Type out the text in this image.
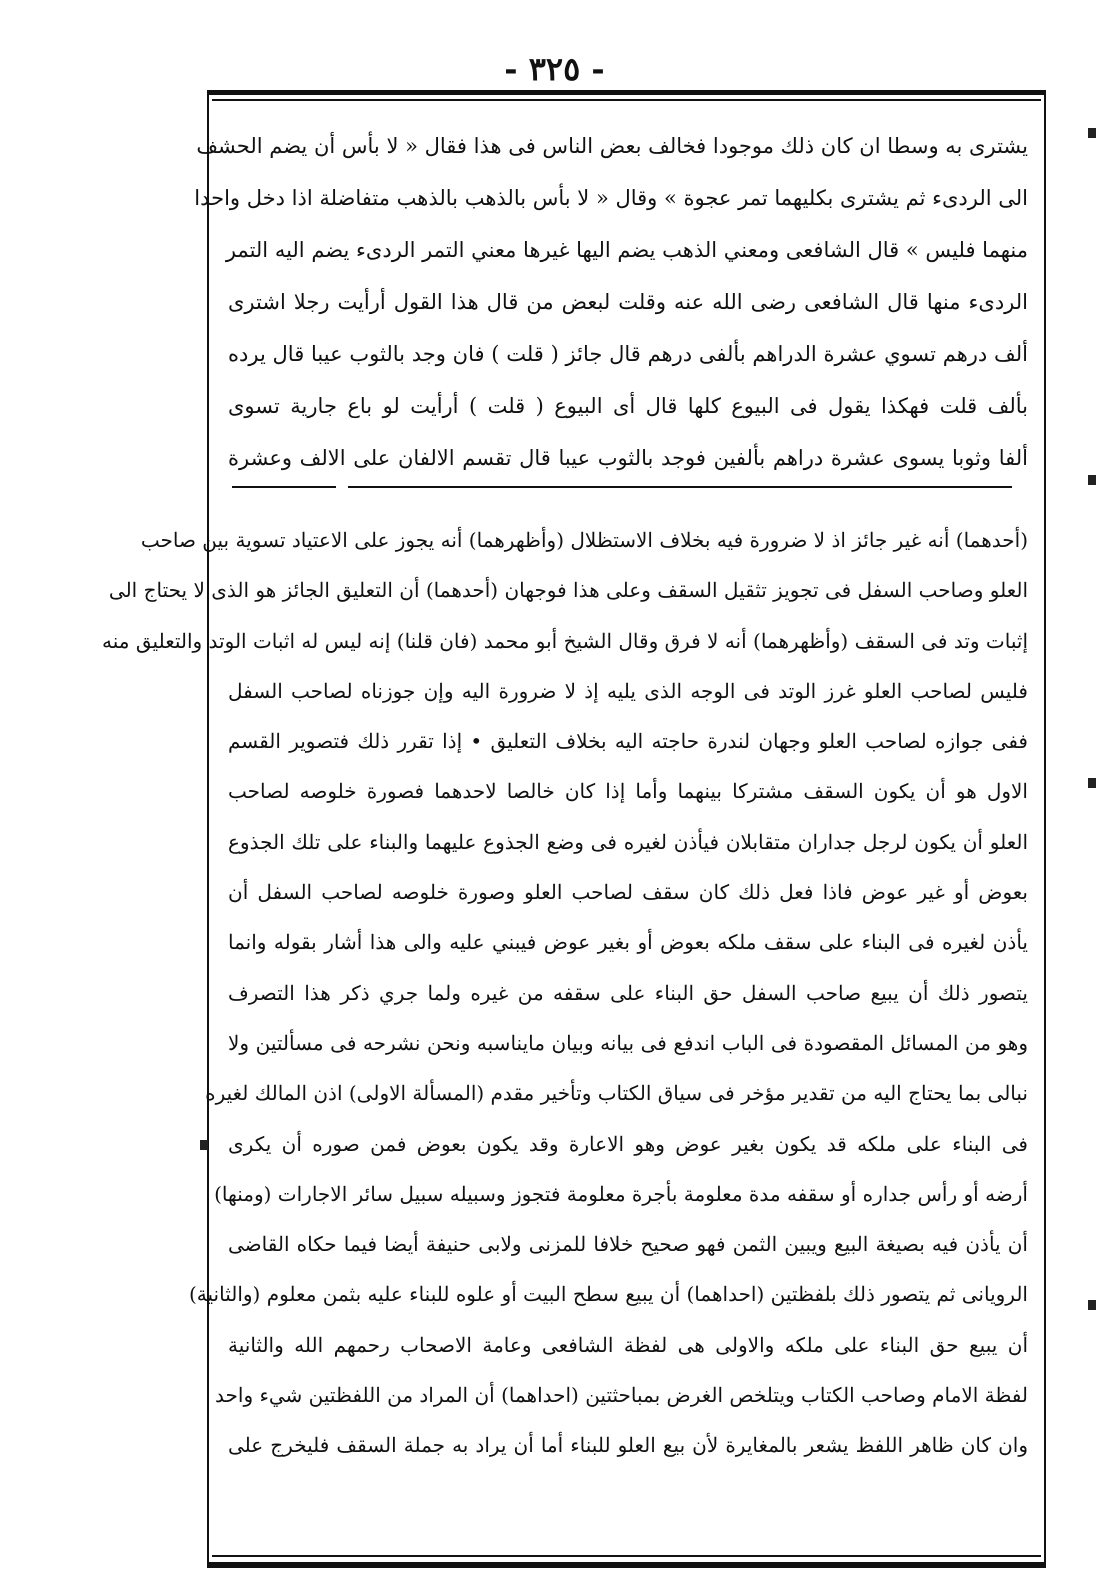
- ٣٢٥ -
يشترى به وسطا ان كان ذلك موجودا فخالف بعض الناس فى هذا فقال « لا بأس أن يضم الحشف
الى الردىء ثم يشترى بكليهما تمر عجوة » وقال « لا بأس بالذهب بالذهب متفاضلة اذا دخل واحدا
منهما فليس » قال الشافعى ومعني الذهب يضم اليها غيرها معني التمر الردىء يضم اليه التمر
الردىء منها قال الشافعى رضى الله عنه وقلت لبعض من قال هذا القول أرأيت رجلا اشترى
ألف درهم تسوي عشرة الدراهم بألفى درهم قال جائز ( قلت ) فان وجد بالثوب عيبا قال يرده
بألف قلت فهكذا يقول فى البيوع كلها قال أى البيوع ( قلت ) أرأيت لو باع جارية تسوى
ألفا وثوبا يسوى عشرة دراهم بألفين فوجد بالثوب عيبا قال تقسم الالفان على الالف وعشرة
(أحدهما) أنه غير جائز اذ لا ضرورة فيه بخلاف الاستظلال (وأظهرهما) أنه يجوز على الاعتياد تسوية بين صاحب
العلو وصاحب السفل فى تجويز تثقيل السقف وعلى هذا فوجهان (أحدهما) أن التعليق الجائز هو الذى لا يحتاج الى
إثبات وتد فى السقف (وأظهرهما) أنه لا فرق وقال الشيخ أبو محمد (فان قلنا) إنه ليس له اثبات الوتد والتعليق منه
فليس لصاحب العلو غرز الوتد فى الوجه الذى يليه إذ لا ضرورة اليه وإن جوزناه لصاحب السفل
ففى جوازه لصاحب العلو وجهان لندرة حاجته اليه بخلاف التعليق • إذا تقرر ذلك فتصوير القسم
الاول هو أن يكون السقف مشتركا بينهما وأما إذا كان خالصا لاحدهما فصورة خلوصه لصاحب
العلو أن يكون لرجل جداران متقابلان فيأذن لغيره فى وضع الجذوع عليهما والبناء على تلك الجذوع
بعوض أو غير عوض فاذا فعل ذلك كان سقف لصاحب العلو وصورة خلوصه لصاحب السفل أن
يأذن لغيره فى البناء على سقف ملكه بعوض أو بغير عوض فيبني عليه والى هذا أشار بقوله وانما
يتصور ذلك أن يبيع صاحب السفل حق البناء على سقفه من غيره ولما جري ذكر هذا التصرف
وهو من المسائل المقصودة فى الباب اندفع فى بيانه وبيان مايناسبه ونحن نشرحه فى مسألتين ولا
نبالى بما يحتاج اليه من تقدير مؤخر فى سياق الكتاب وتأخير مقدم (المسألة الاولى) اذن المالك لغيره
فى البناء على ملكه قد يكون بغير عوض وهو الاعارة وقد يكون بعوض فمن صوره أن يكرى
أرضه أو رأس جداره أو سقفه مدة معلومة بأجرة معلومة فتجوز وسبيله سبيل سائر الاجارات (ومنها)
أن يأذن فيه بصيغة البيع ويبين الثمن فهو صحيح خلافا للمزنى ولابى حنيفة أيضا فيما حكاه القاضى
الرويانى ثم يتصور ذلك بلفظتين (احداهما) أن يبيع سطح البيت أو علوه للبناء عليه بثمن معلوم (والثانية)
أن يبيع حق البناء على ملكه والاولى هى لفظة الشافعى وعامة الاصحاب رحمهم الله والثانية
لفظة الامام وصاحب الكتاب ويتلخص الغرض بمباحثتين (احداهما) أن المراد من اللفظتين شيء واحد
وان كان ظاهر اللفظ يشعر بالمغايرة لأن بيع العلو للبناء أما أن يراد به جملة السقف فليخرج على
